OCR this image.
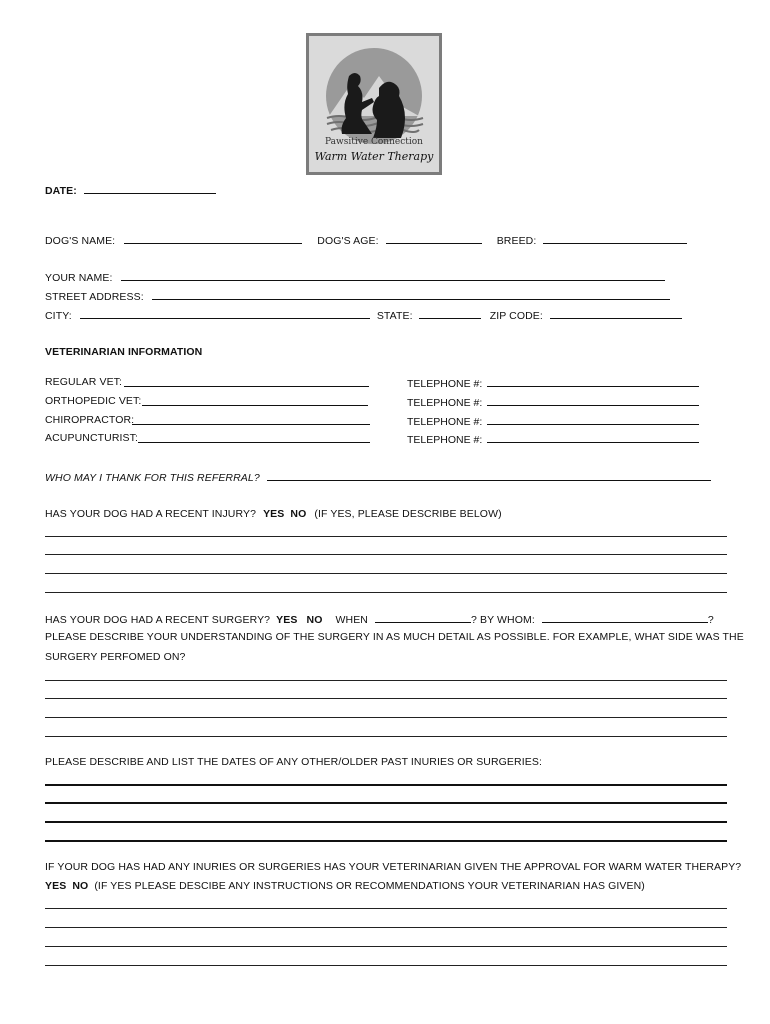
Pawsitive Connection
Warm Water Therapy
DATE:
DOG'S NAME:	DOG'S AGE:	BREED:
YOUR NAME:
STREET ADDRESS:
CITY:	STATE:	ZIP CODE:
VETERINARIAN INFORMATION
REGULAR VET:	TELEPHONE #:
ORTHOPEDIC VET:	TELEPHONE #:
CHIROPRACTOR:	TELEPHONE #:
ACUPUNCTURIST:	TELEPHONE #:
WHO MAY I THANK FOR THIS REFERRAL?
HAS YOUR DOG HAD A RECENT INJURY? YES NO (IF YES, PLEASE DESCRIBE BELOW)
HAS YOUR DOG HAD A RECENT SURGERY? YES NO WHEN	? BY WHOM:	?
PLEASE DESCRIBE YOUR UNDERSTANDING OF THE SURGERY IN AS MUCH DETAIL AS POSSIBLE. FOR EXAMPLE, WHAT SIDE WAS THE
SURGERY PERFOMED ON?
PLEASE DESCRIBE AND LIST THE DATES OF ANY OTHER/OLDER PAST INURIES OR SURGERIES:
IF YOUR DOG HAS HAD ANY INURIES OR SURGERIES HAS YOUR VETERINARIAN GIVEN THE APPROVAL FOR WARM WATER THERAPY?
YES NO (IF YES PLEASE DESCIBE ANY INSTRUCTIONS OR RECOMMENDATIONS YOUR VETERINARIAN HAS GIVEN)
